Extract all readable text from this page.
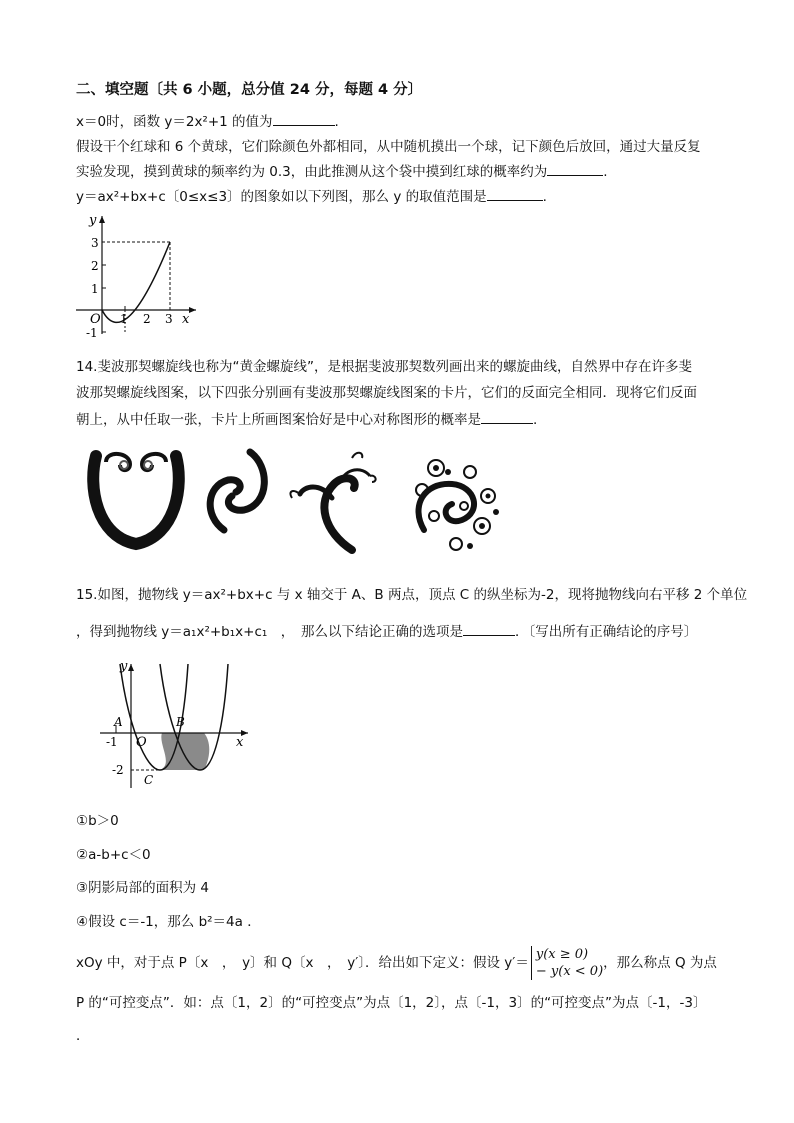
二、填空题〔共 6 小题，总分值 24 分，每题 4 分〕
x＝0时，函数 y＝2x²+1 的值为	.
假设干个红球和 6 个黄球，它们除颜色外都相同，从中随机摸出一个球，记下颜色后放回，通过大量反复
实验发现，摸到黄球的频率约为 0.3，由此推测从这个袋中摸到红球的概率约为	.
y＝ax²+bx+c〔0≤x≤3〕的图象如以下列图，那么 y 的取值范围是	.
y
x
O 1 2 3
3
2
1
-1
14.斐波那契螺旋线也称为“黄金螺旋线”，是根据斐波那契数列画出来的螺旋曲线，自然界中存在许多斐
波那契螺旋线图案，以下四张分别画有斐波那契螺旋线图案的卡片，它们的反面完全相同．现将它们反面
朝上，从中任取一张，卡片上所画图案恰好是中心对称图形的概率是	.
15.如图，抛物线 y＝ax²+bx+c 与 x 轴交于 A、B 两点，顶点 C 的纵坐标为-2，现将抛物线向右平移 2 个单位
，得到抛物线 y＝a₁x²+b₁x+c₁　，　那么以下结论正确的选项是	．〔写出所有正确结论的序号〕
y
x
O
A	B
C
-1
-2
①b＞0
②a-b+c＜0
③阴影局部的面积为 4
④假设 c＝-1，那么 b²＝4a ．
xOy 中，对于点 P〔x　，　y〕和 Q〔x　，　y′〕．给出如下定义：假设 y′＝
y(x ≥ 0)
− y(x < 0)
，那么称点 Q 为点
P 的“可控变点”．如：点〔1，2〕的“可控变点”为点〔1，2〕，点〔-1，3〕的“可控变点”为点〔-1，-3〕
．
